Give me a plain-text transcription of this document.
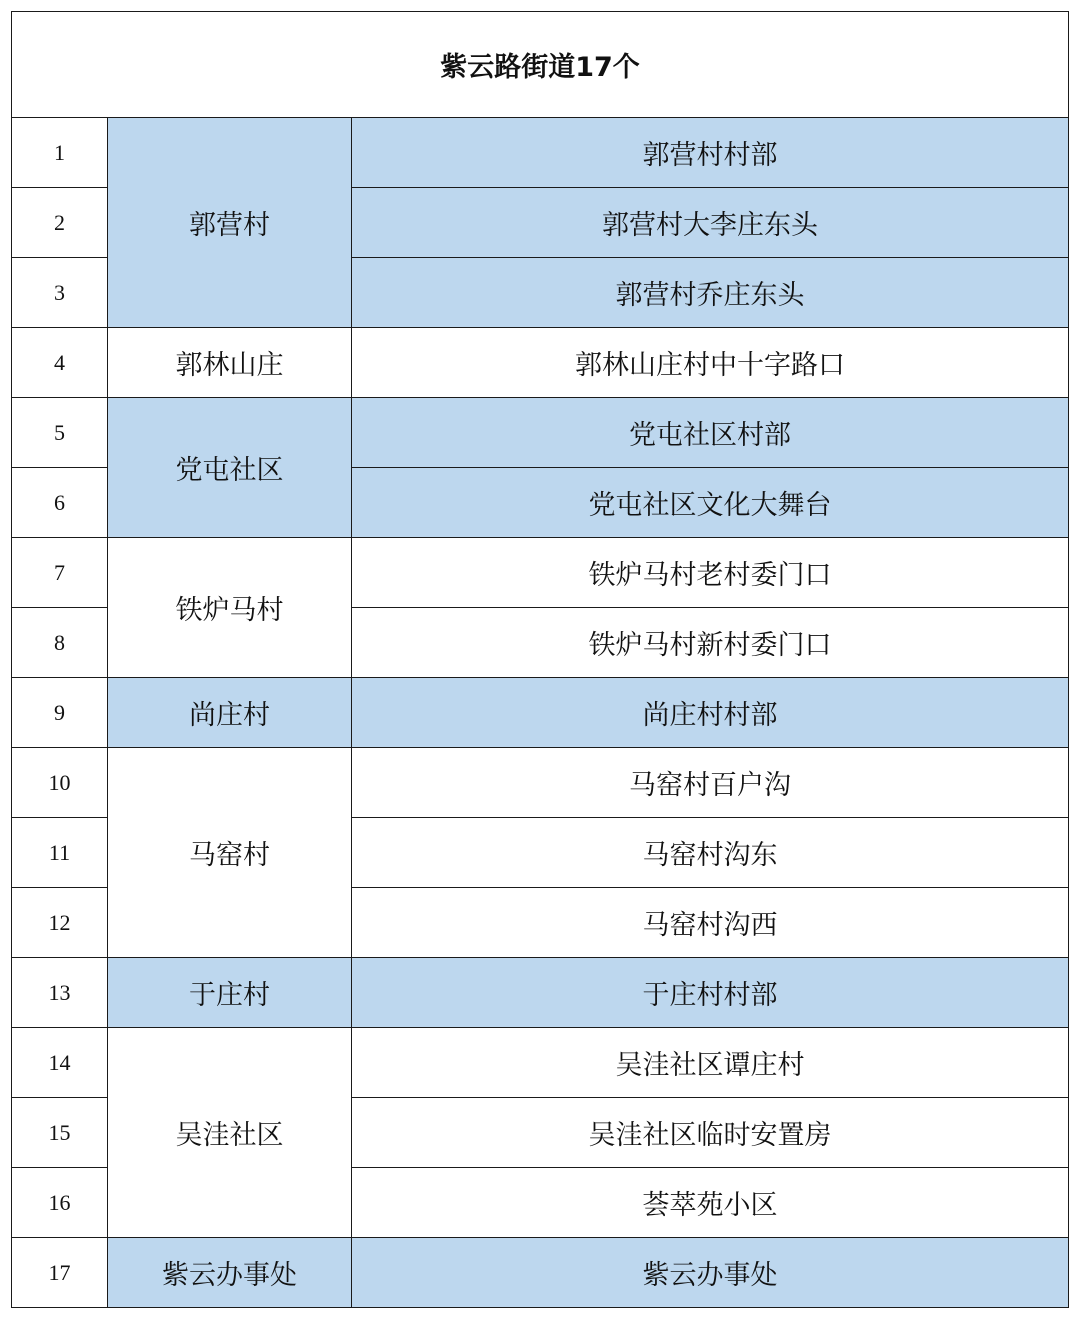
紫云路街道17个		
1	郭营村	郭营村村部
2		郭营村大李庄东头
3		郭营村乔庄东头
4	郭林山庄	郭林山庄村中十字路口
5	党屯社区	党屯社区村部
6		党屯社区文化大舞台
7	铁炉马村	铁炉马村老村委门口
8		铁炉马村新村委门口
9	尚庄村	尚庄村村部
10	马窑村	马窑村百户沟
11		马窑村沟东
12		马窑村沟西
13	于庄村	于庄村村部
14	吴洼社区	吴洼社区谭庄村
15		吴洼社区临时安置房
16		荟萃苑小区
17	紫云办事处	紫云办事处
